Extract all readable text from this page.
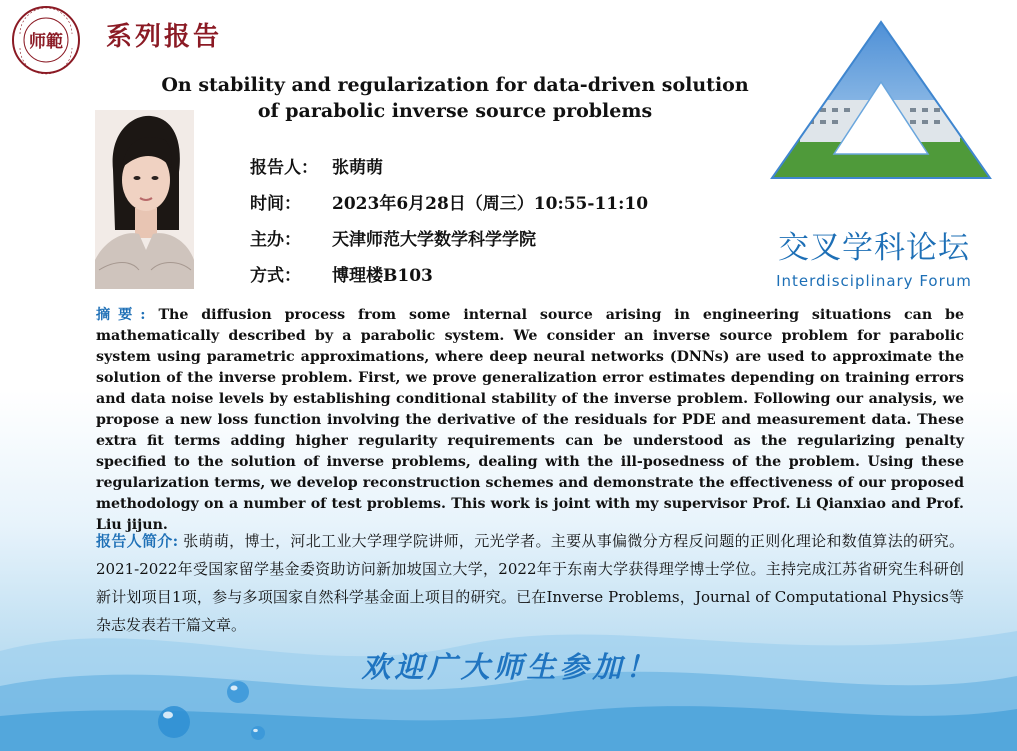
师範 系列报告
On stability and regularization for data-driven solution of parabolic inverse source problems
报告人： 张萌萌
时间：	2023年6月28日（周三）10:55-11:10
主办：	天津师范大学数学科学学院
方式：	博理楼B103
交叉学科论坛
Interdisciplinary Forum
摘要: The diffusion process from some internal source arising in engineering situations can be mathematically described by a parabolic system. We consider an inverse source problem for parabolic system using parametric approximations, where deep neural networks (DNNs) are used to approximate the solution of the inverse problem. First, we prove generalization error estimates depending on training errors and data noise levels by establishing conditional stability of the inverse problem. Following our analysis, we propose a new loss function involving the derivative of the residuals for PDE and measurement data. These extra fit terms adding higher regularity requirements can be understood as the regularizing penalty specified to the solution of inverse problems, dealing with the ill-posedness of the problem. Using these regularization terms, we develop reconstruction schemes and demonstrate the effectiveness of our proposed methodology on a number of test problems. This work is joint with my supervisor Prof. Li Qianxiao and Prof. Liu jijun.
报告人简介: 张萌萌，博士，河北工业大学理学院讲师，元光学者。主要从事偏微分方程反问题的正则化理论和数值算法的研究。2021-2022年受国家留学基金委资助访问新加坡国立大学，2022年于东南大学获得理学博士学位。主持完成江苏省研究生科研创新计划项目1项，参与多项国家自然科学基金面上项目的研究。已在Inverse Problems，Journal of Computational Physics等杂志发表若干篇文章。
欢迎广大师生参加！
